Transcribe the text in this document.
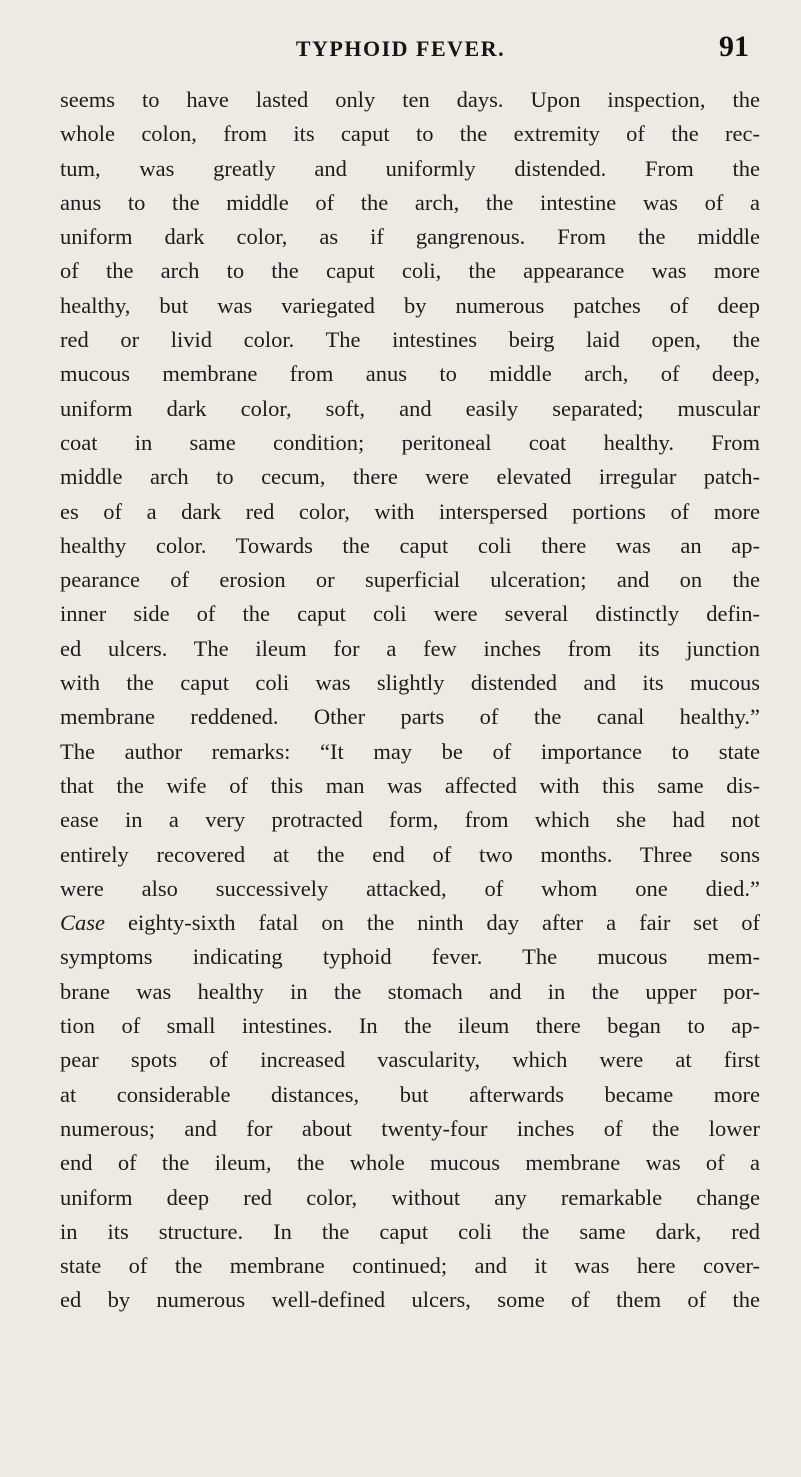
TYPHOID FEVER.	91
seems to have lasted only ten days. Upon inspection, the
whole colon, from its caput to the extremity of the rec-
tum, was greatly and uniformly distended. From the
anus to the middle of the arch, the intestine was of a
uniform dark color, as if gangrenous. From the middle
of the arch to the caput coli, the appearance was more
healthy, but was variegated by numerous patches of deep
red or livid color. The intestines beirg laid open, the
mucous membrane from anus to middle arch, of deep,
uniform dark color, soft, and easily separated; muscular
coat in same condition; peritoneal coat healthy. From
middle arch to cecum, there were elevated irregular patch-
es of a dark red color, with interspersed portions of more
healthy color. Towards the caput coli there was an ap-
pearance of erosion or superficial ulceration; and on the
inner side of the caput coli were several distinctly defin-
ed ulcers. The ileum for a few inches from its junction
with the caput coli was slightly distended and its mucous
membrane reddened. Other parts of the canal healthy.”
The author remarks: “It may be of importance to state
that the wife of this man was affected with this same dis-
ease in a very protracted form, from which she had not
entirely recovered at the end of two months. Three sons
were also successively attacked, of whom one died.”
Case eighty-sixth fatal on the ninth day after a fair set of
symptoms indicating typhoid fever. The mucous mem-
brane was healthy in the stomach and in the upper por-
tion of small intestines. In the ileum there began to ap-
pear spots of increased vascularity, which were at first
at considerable distances, but afterwards became more
numerous; and for about twenty-four inches of the lower
end of the ileum, the whole mucous membrane was of a
uniform deep red color, without any remarkable change
in its structure. In the caput coli the same dark, red
state of the membrane continued; and it was here cover-
ed by numerous well-defined ulcers, some of them of the
